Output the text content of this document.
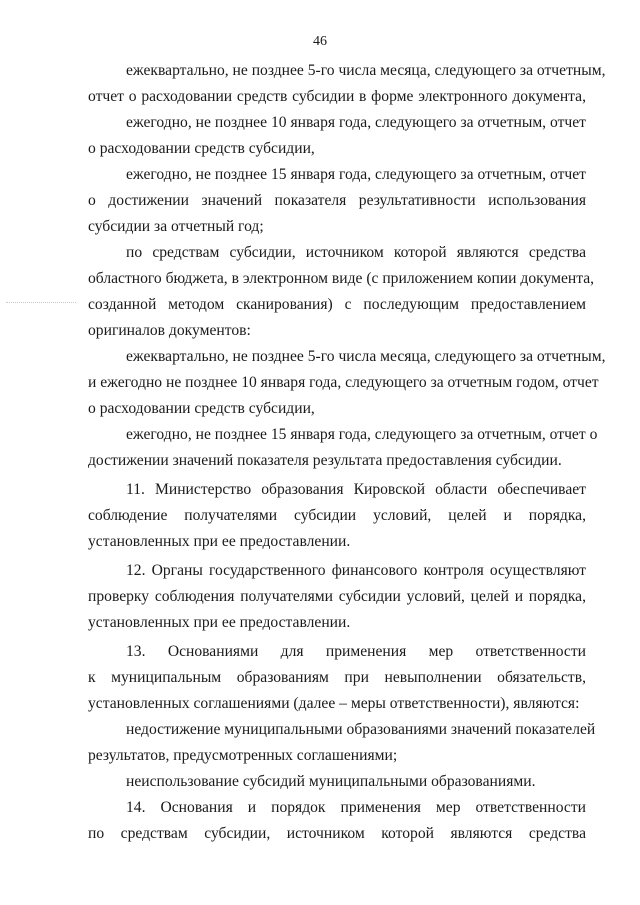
46
ежеквартально, не позднее 5-го числа месяца, следующего за отчетным,
отчет о расходовании средств субсидии в форме электронного документа,
ежегодно, не позднее 10 января года, следующего за отчетным, отчет
о расходовании средств субсидии,
ежегодно, не позднее 15 января года, следующего за отчетным, отчет
о достижении значений показателя результативности использования
субсидии за отчетный год;
по средствам субсидии, источником которой являются средства
областного бюджета, в электронном виде (с приложением копии документа,
созданной методом сканирования) с последующим предоставлением
оригиналов документов:
ежеквартально, не позднее 5-го числа месяца, следующего за отчетным,
и ежегодно не позднее 10 января года, следующего за отчетным годом, отчет
о расходовании средств субсидии,
ежегодно, не позднее 15 января года, следующего за отчетным, отчет о
достижении значений показателя результата предоставления субсидии.
11. Министерство образования Кировской области обеспечивает
соблюдение получателями субсидии условий, целей и порядка,
установленных при ее предоставлении.
12. Органы государственного финансового контроля осуществляют
проверку соблюдения получателями субсидии условий, целей и порядка,
установленных при ее предоставлении.
13. Основаниями для применения мер ответственности
к муниципальным образованиям при невыполнении обязательств,
установленных соглашениями (далее – меры ответственности), являются:
недостижение муниципальными образованиями значений показателей
результатов, предусмотренных соглашениями;
неиспользование субсидий муниципальными образованиями.
14. Основания и порядок применения мер ответственности
по средствам субсидии, источником которой являются средства
